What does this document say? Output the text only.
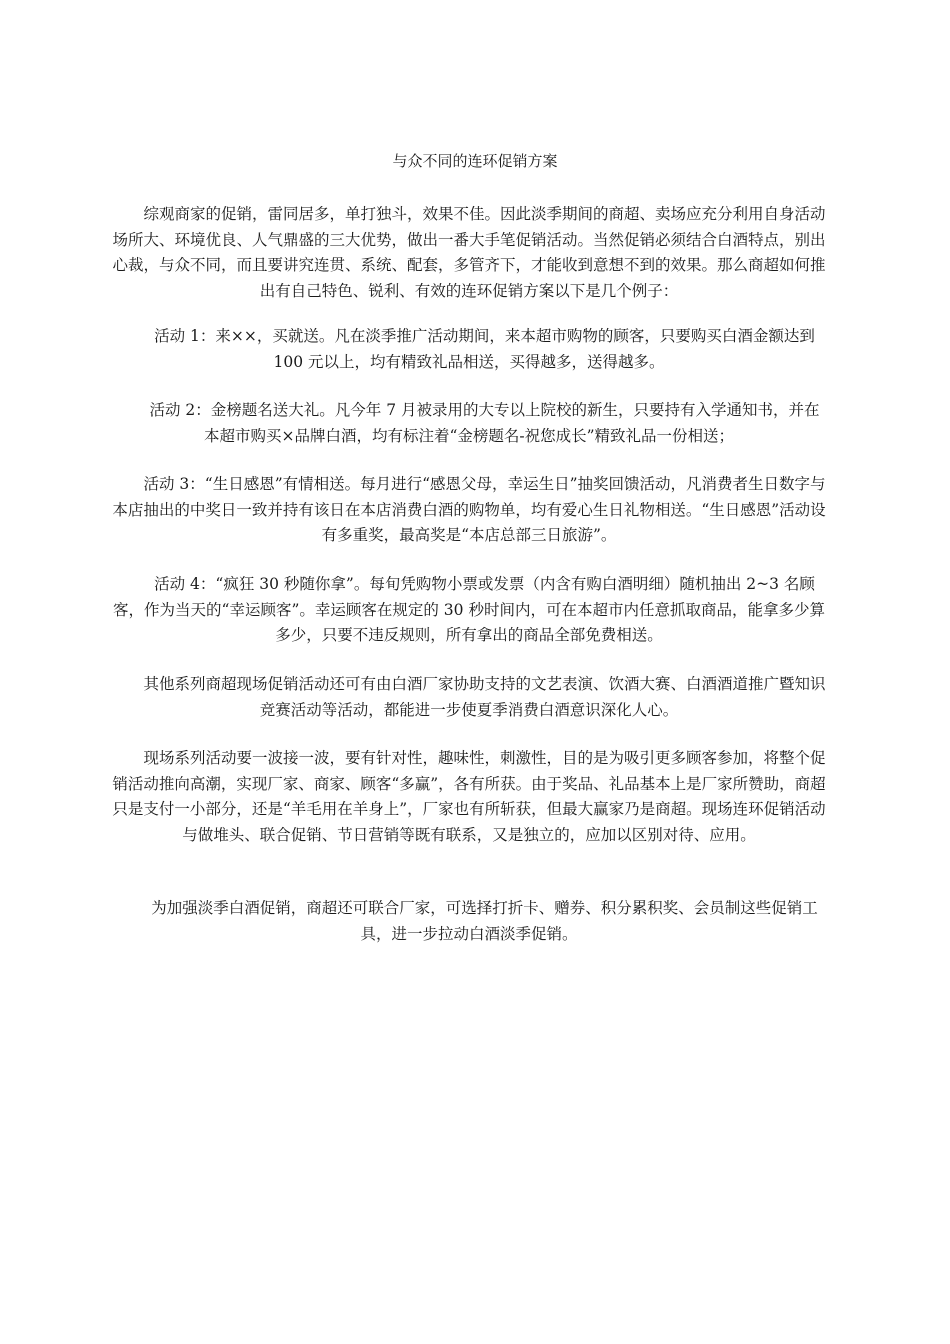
与众不同的连环促销方案

　　综观商家的促销，雷同居多，单打独斗，效果不佳。因此淡季期间的商超、卖场应充分利用自身活动场所大、环境优良、人气鼎盛的三大优势，做出一番大手笔促销活动。当然促销必须结合白酒特点，别出心裁，与众不同，而且要讲究连贯、系统、配套，多管齐下，才能收到意想不到的效果。那么商超如何推出有自己特色、锐利、有效的连环促销方案以下是几个例子：

　　活动 1：来××，买就送。凡在淡季推广活动期间，来本超市购物的顾客，只要购买白酒金额达到 100 元以上，均有精致礼品相送，买得越多，送得越多。

　　活动 2：金榜题名送大礼。凡今年 7 月被录用的大专以上院校的新生，只要持有入学通知书，并在本超市购买×品牌白酒，均有标注着“金榜题名-祝您成长”精致礼品一份相送；

　　活动 3：“生日感恩”有情相送。每月进行“感恩父母，幸运生日”抽奖回馈活动，凡消费者生日数字与本店抽出的中奖日一致并持有该日在本店消费白酒的购物单，均有爱心生日礼物相送。“生日感恩”活动设有多重奖，最高奖是“本店总部三日旅游”。

　　活动 4：“疯狂 30 秒随你拿”。每旬凭购物小票或发票（内含有购白酒明细）随机抽出 2~3 名顾客，作为当天的“幸运顾客”。幸运顾客在规定的 30 秒时间内，可在本超市内任意抓取商品，能拿多少算多少，只要不违反规则，所有拿出的商品全部免费相送。

　　其他系列商超现场促销活动还可有由白酒厂家协助支持的文艺表演、饮酒大赛、白酒酒道推广暨知识竞赛活动等活动，都能进一步使夏季消费白酒意识深化人心。

　　现场系列活动要一波接一波，要有针对性，趣味性，刺激性，目的是为吸引更多顾客参加，将整个促销活动推向高潮，实现厂家、商家、顾客“多赢”，各有所获。由于奖品、礼品基本上是厂家所赞助，商超只是支付一小部分，还是“羊毛用在羊身上”，厂家也有所斩获，但最大赢家乃是商超。现场连环促销活动与做堆头、联合促销、节日营销等既有联系，又是独立的，应加以区别对待、应用。

　　为加强淡季白酒促销，商超还可联合厂家，可选择打折卡、赠券、积分累积奖、会员制这些促销工具，进一步拉动白酒淡季促销。
